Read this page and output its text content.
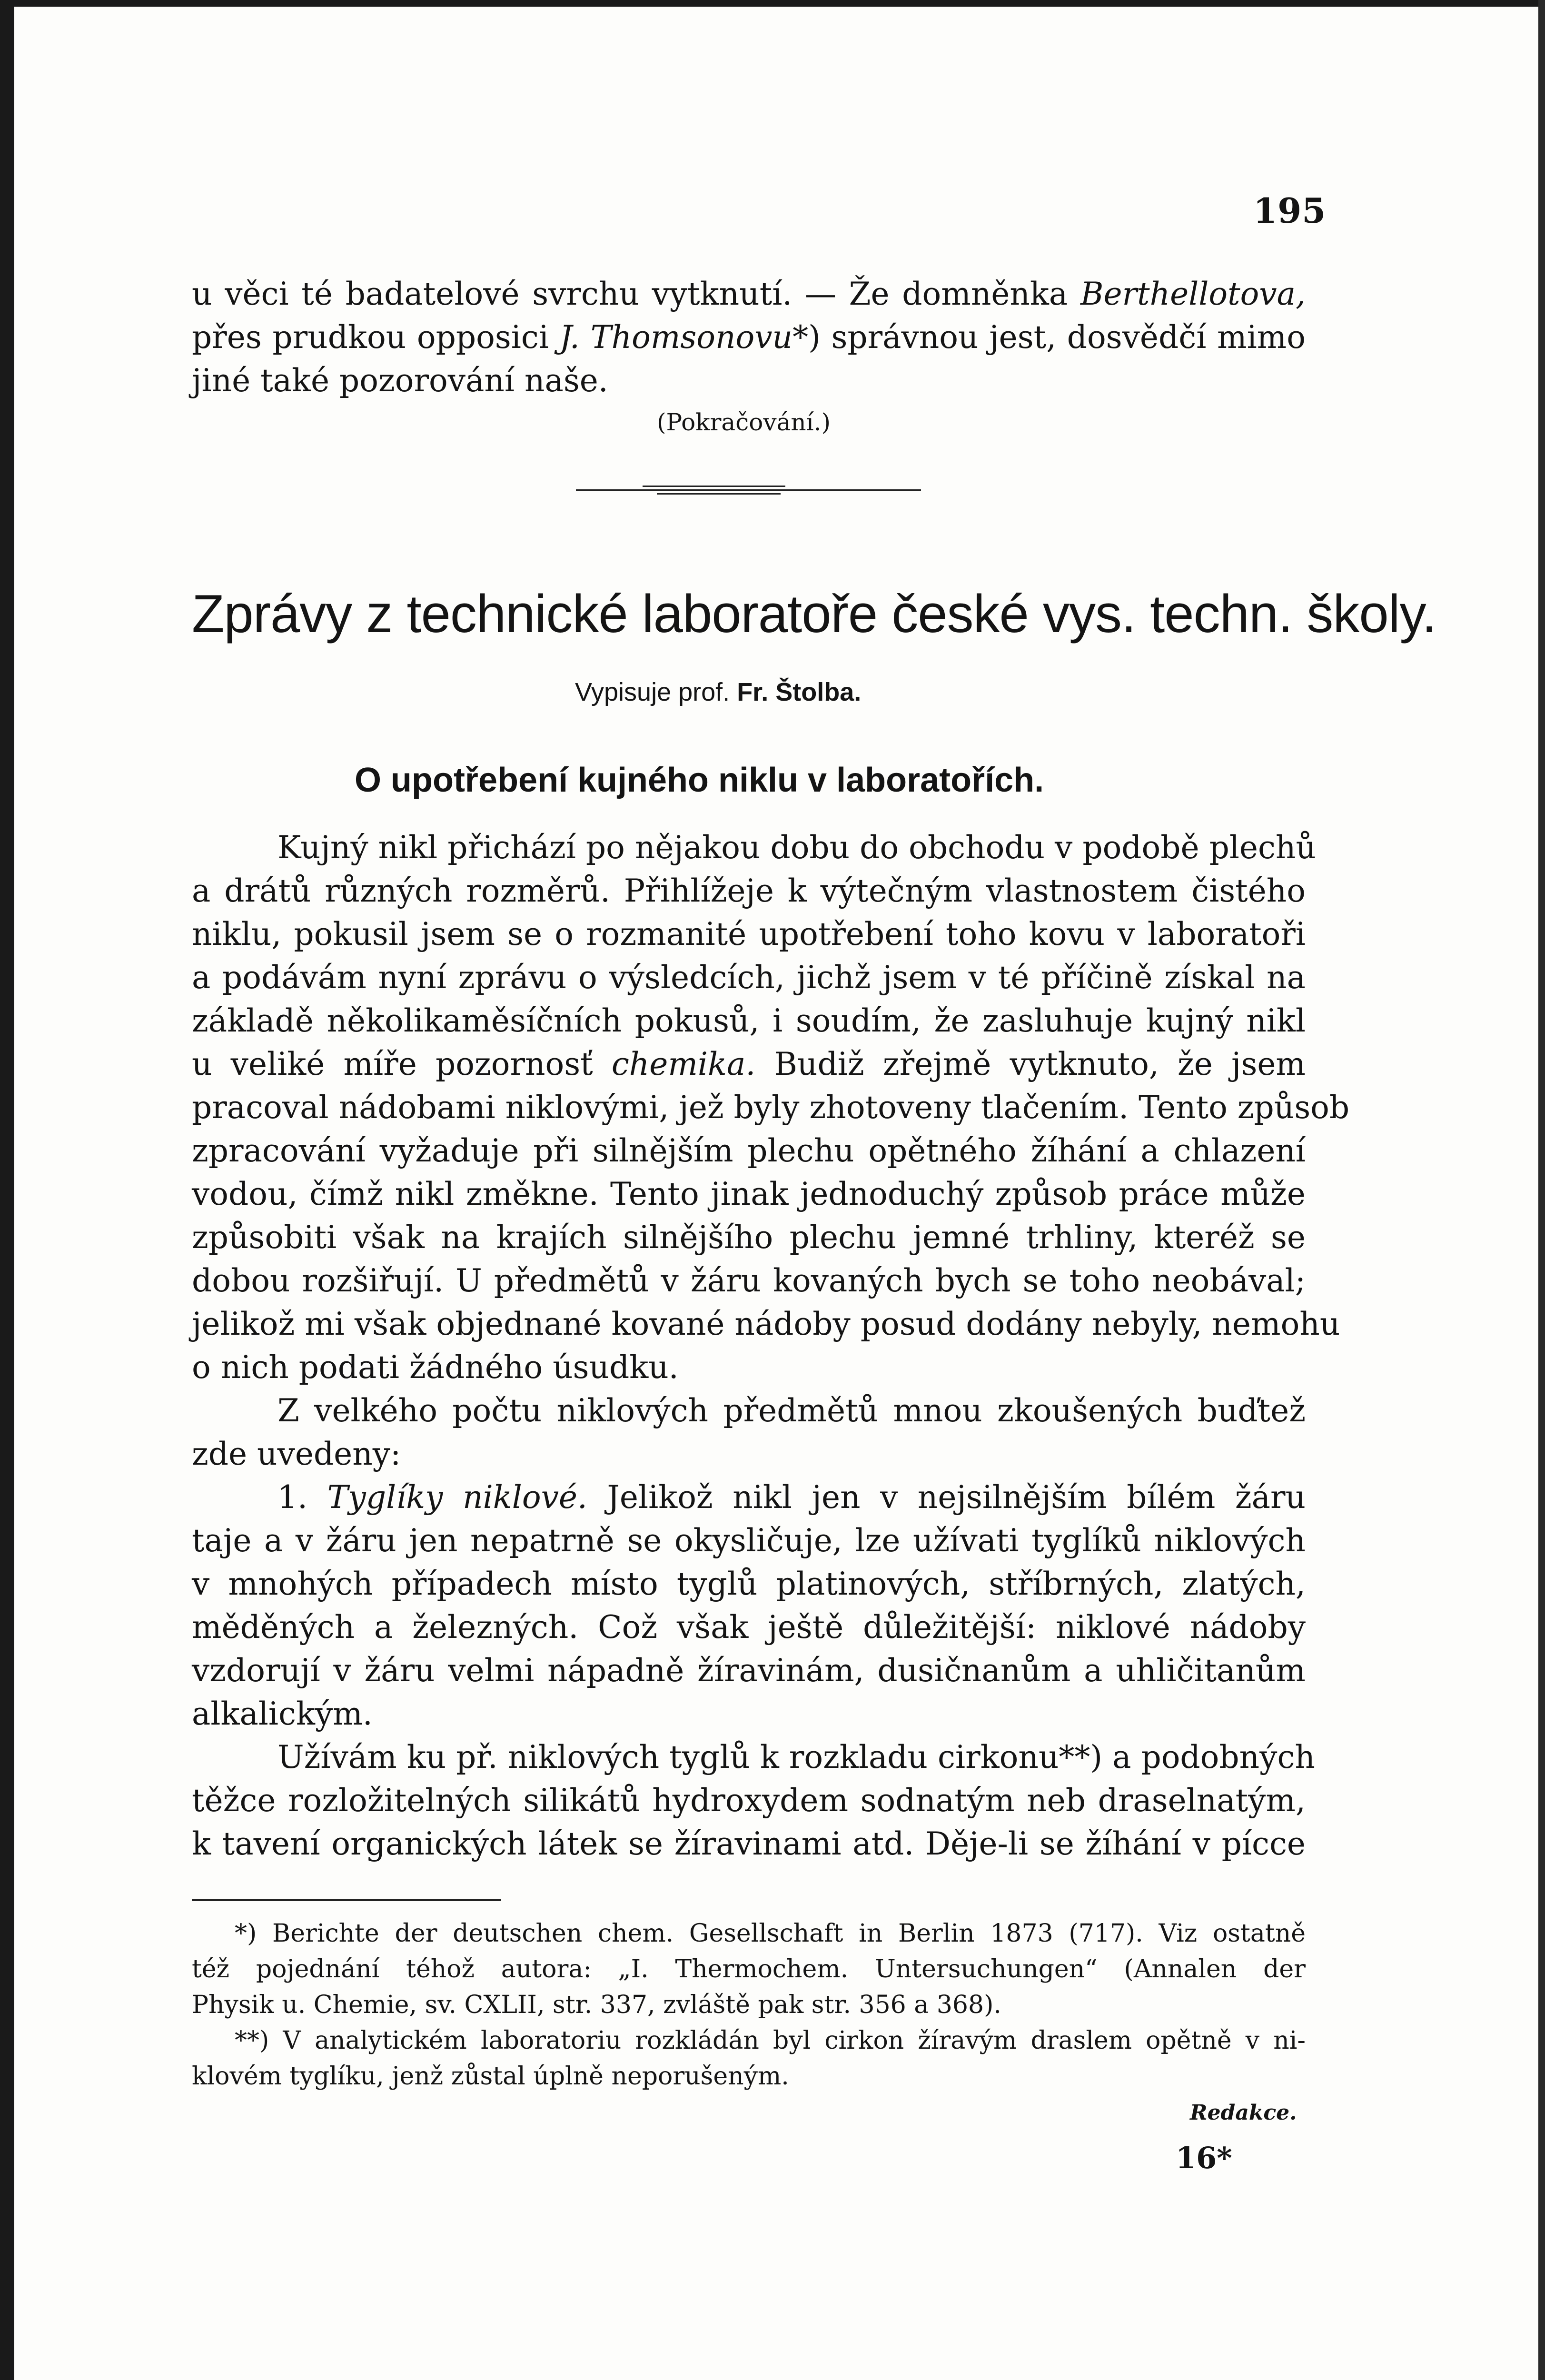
195
u věci té badatelové svrchu vytknutí. — Že domněnka Berthellotova,
přes prudkou opposici J. Thomsonovu*) správnou jest, dosvědčí mimo
jiné také pozorování naše.
(Pokračování.)
Zprávy z technické laboratoře české vys. techn. školy.
Vypisuje prof. Fr. Štolba.
O upotřebení kujného niklu v laboratořích.
Kujný nikl přichází po nějakou dobu do obchodu v podobě plechů
a drátů různých rozměrů. Přihlížeje k výtečným vlastnostem čistého
niklu, pokusil jsem se o rozmanité upotřebení toho kovu v laboratoři
a podávám nyní zprávu o výsledcích, jichž jsem v té příčině získal na
základě několikaměsíčních pokusů, i soudím, že zasluhuje kujný nikl
u veliké míře pozornosť chemika. Budiž zřejmě vytknuto, že jsem
pracoval nádobami niklovými, jež byly zhotoveny tlačením. Tento způsob
zpracování vyžaduje při silnějším plechu opětného žíhání a chlazení
vodou, čímž nikl změkne. Tento jinak jednoduchý způsob práce může
způsobiti však na krajích silnějšího plechu jemné trhliny, kteréž se
dobou rozšiřují. U předmětů v žáru kovaných bych se toho neobával;
jelikož mi však objednané kované nádoby posud dodány nebyly, nemohu
o nich podati žádného úsudku.
Z velkého počtu niklových předmětů mnou zkoušených buďtež
zde uvedeny:
1. Tyglíky niklové. Jelikož nikl jen v nejsilnějším bílém žáru
taje a v žáru jen nepatrně se okysličuje, lze užívati tyglíků niklových
v mnohých případech místo tyglů platinových, stříbrných, zlatých,
měděných a železných. Což však ještě důležitější: niklové nádoby
vzdorují v žáru velmi nápadně žíravinám, dusičnanům a uhličitanům
alkalickým.
Užívám ku př. niklových tyglů k rozkladu cirkonu**) a podobných
těžce rozložitelných silikátů hydroxydem sodnatým neb draselnatým,
k tavení organických látek se žíravinami atd. Děje-li se žíhání v pícce
*) Berichte der deutschen chem. Gesellschaft in Berlin 1873 (717). Viz ostatně
též pojednání téhož autora: „I. Thermochem. Untersuchungen“ (Annalen der
Physik u. Chemie, sv. CXLII, str. 337, zvláště pak str. 356 a 368).
**) V analytickém laboratoriu rozkládán byl cirkon žíravým draslem opětně v ni-
klovém tyglíku, jenž zůstal úplně neporušeným.
Redakce.
16*
